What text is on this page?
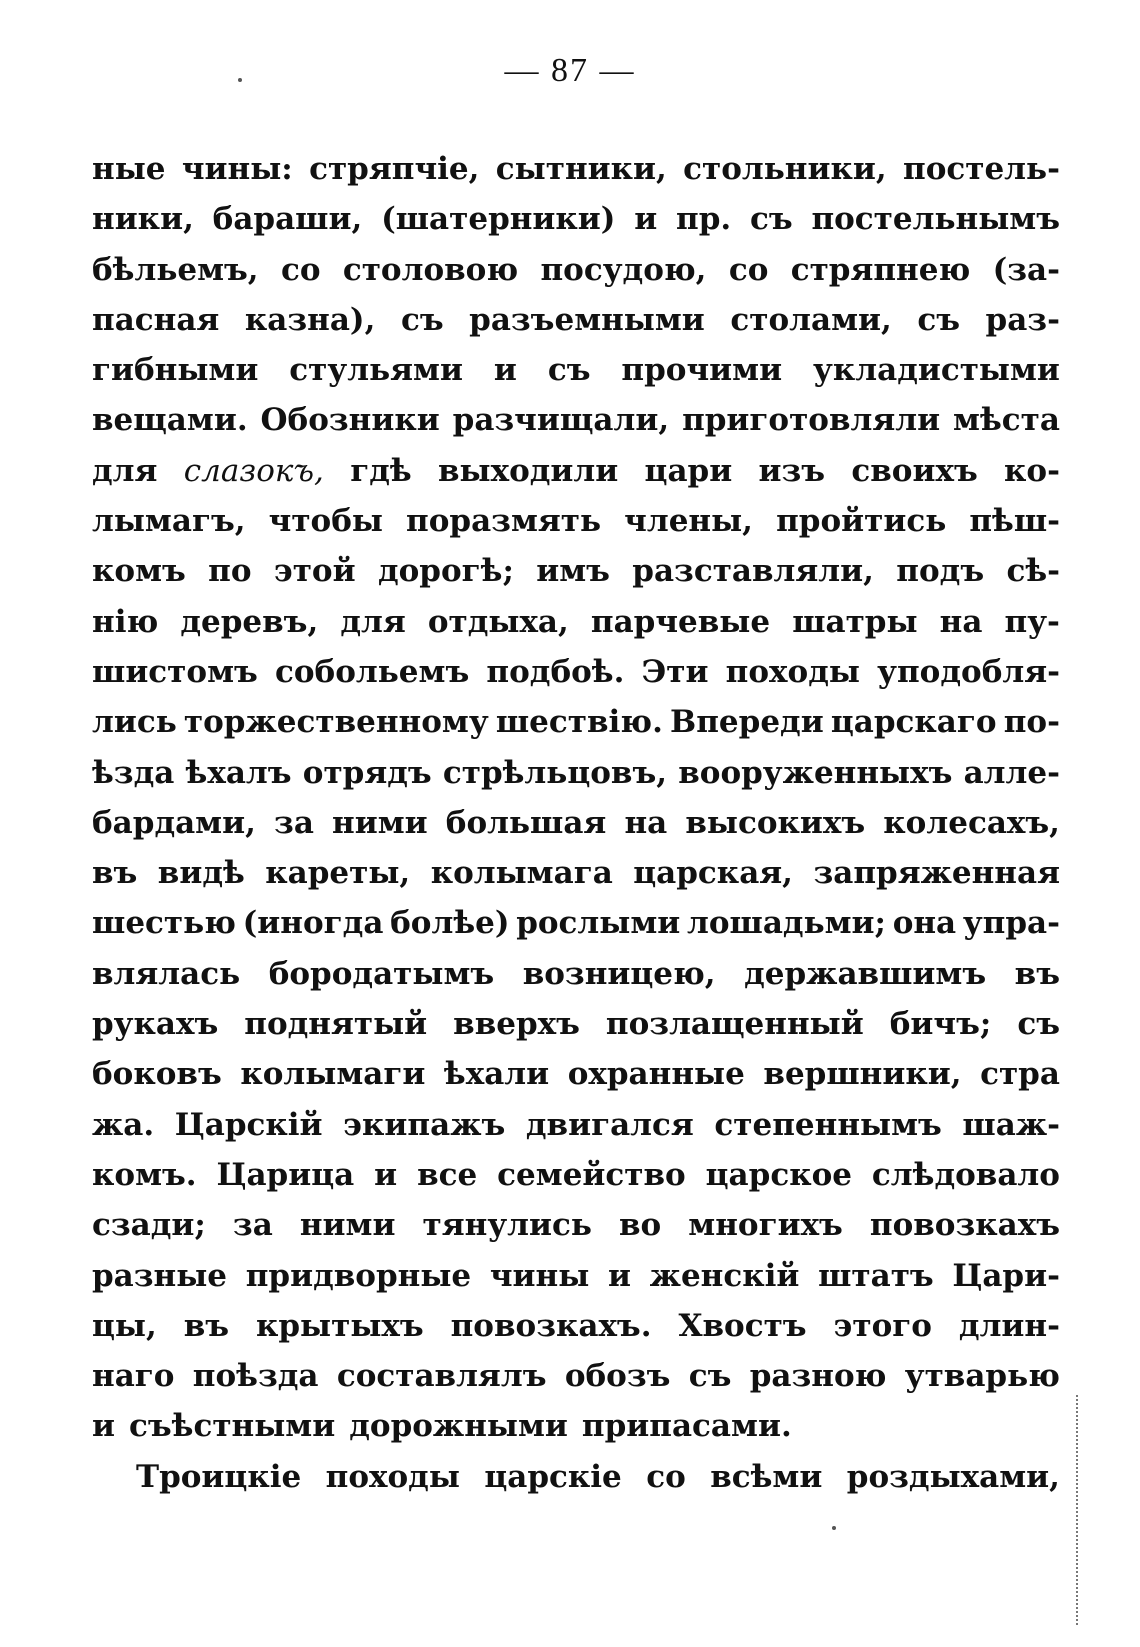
— 87 —
ные чины: стряпчіе, сытники, стольники, постель-
ники, бараши, (шатерники) и пр. съ постельнымъ
бѣльемъ, со столовою посудою, со стряпнею (за-
пасная казна), съ разъемными столами, съ раз-
гибными стульями и съ прочими укладистыми
вещами. Обозники разчищали, приготовляли мѣста
для слазокъ, гдѣ выходили цари изъ своихъ ко-
лымагъ, чтобы поразмять члены, пройтись пѣш-
комъ по этой дорогѣ; имъ разставляли, подъ сѣ-
нію деревъ, для отдыха, парчевые шатры на пу-
шистомъ собольемъ подбоѣ. Эти походы уподобля-
лись торжественному шествію. Впереди царскаго по-
ѣзда ѣхалъ отрядъ стрѣльцовъ, вооруженныхъ алле-
бардами, за ними большая на высокихъ колесахъ,
въ видѣ кареты, колымага царская, запряженная
шестью (иногда болѣе) рослыми лошадьми; она упра-
влялась бородатымъ возницею, державшимъ въ
рукахъ поднятый вверхъ позлащенный бичъ; съ
боковъ колымаги ѣхали охранные вершники, стра
жа. Царскій экипажъ двигался степеннымъ шаж-
комъ. Царица и все семейство царское слѣдовало
сзади; за ними тянулись во многихъ повозкахъ
разные придворные чины и женскій штатъ Цари-
цы, въ крытыхъ повозкахъ. Хвостъ этого длин-
наго поѣзда составлялъ обозъ съ разною утварью
и съѣстными дорожными припасами.
Троицкіе походы царскіе со всѣми роздыхами,
